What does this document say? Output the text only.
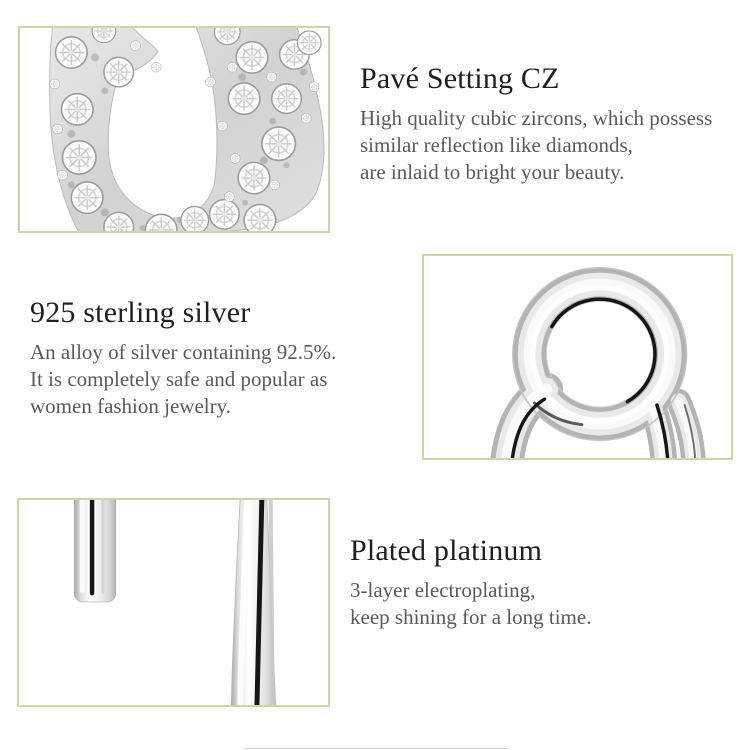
Pavé Setting CZ
High quality cubic zircons, which possess
similar reflection like diamonds,
are inlaid to bright your beauty.
925 sterling silver
An alloy of silver containing 92.5%.
It is completely safe and popular as
women fashion jewelry.
Plated platinum
3-layer electroplating,
keep shining for a long time.
